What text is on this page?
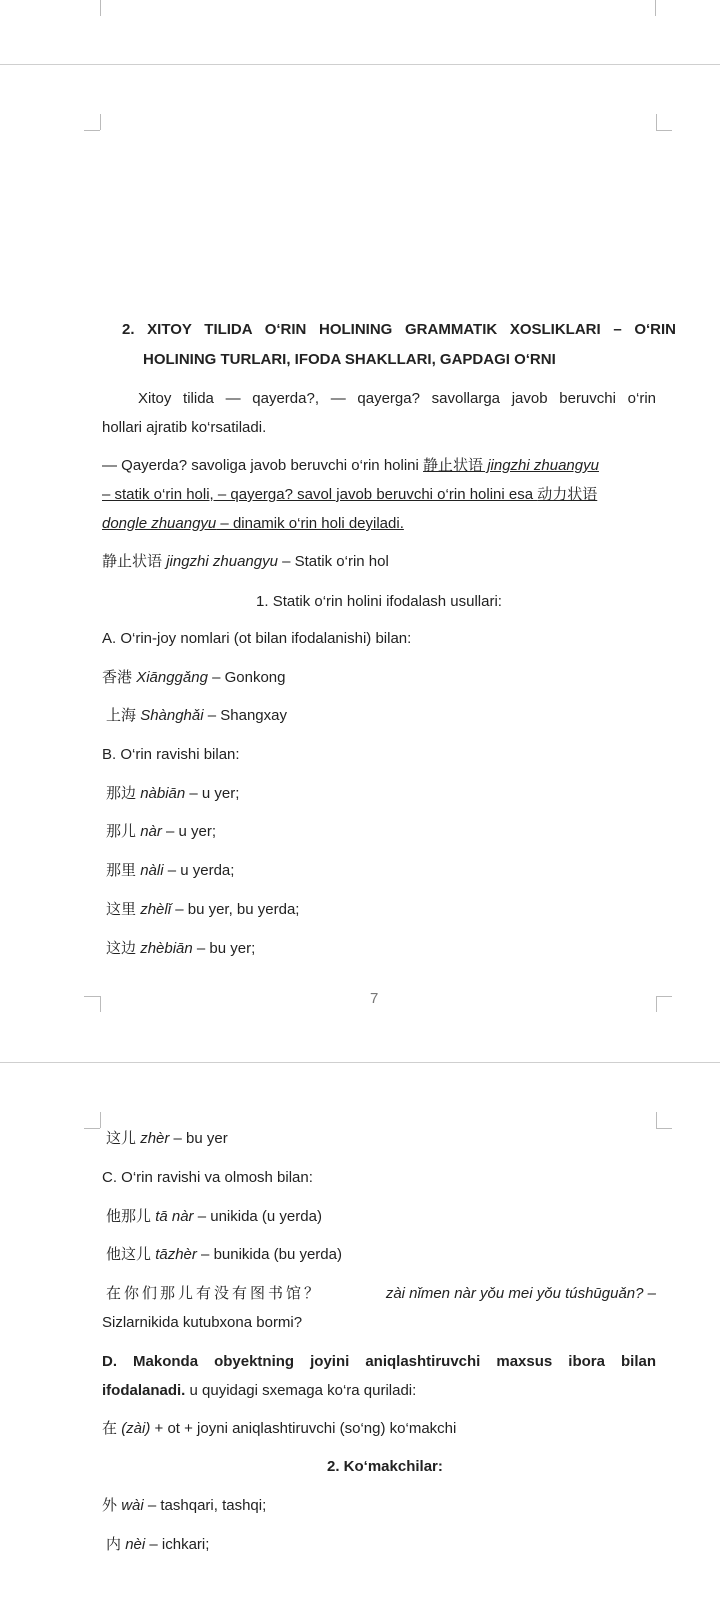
2. XITOY TILIDA O‘RIN HOLINING GRAMMATIK XOSLIKLARI – O‘RIN
HOLINING TURLARI, IFODA SHAKLLARI, GAPDAGI O‘RNI
Xitoy tilida — qayerda?, — qayerga? savollarga javob beruvchi o‘rin
hollari ajratib ko‘rsatiladi.
— Qayerda? savoliga javob beruvchi o‘rin holini 静止状语 jingzhi zhuangyu
– statik o‘rin holi, – qayerga? savol javob beruvchi o‘rin holini esa 动力状语
dongle zhuangyu – dinamik o‘rin holi deyiladi.
静止状语 jingzhi zhuangyu – Statik o‘rin hol
1. Statik o‘rin holini ifodalash usullari:
A. O‘rin-joy nomlari (ot bilan ifodalanishi) bilan:
香港 Xiānggǎng – Gonkong
上海 Shànghǎi – Shangxay
B. O‘rin ravishi bilan:
那边 nàbiān – u yer;
那儿 nàr – u yer;
那里 nàli – u yerda;
这里 zhèlǐ – bu yer, bu yerda;
这边 zhèbiān – bu yer;
7
这儿 zhèr – bu yer
C. O‘rin ravishi va olmosh bilan:
他那儿 tā nàr – unikida (u yerda)
他这儿 tāzhèr – bunikida (bu yerda)
在你们那儿有没有图书馆？	zài nǐmen nàr yǒu mei yǒu túshūguǎn? –
Sizlarnikida kutubxona bormi?
D. Makonda obyektning joyini aniqlashtiruvchi maxsus ibora bilan
ifodalanadi. u quyidagi sxemaga ko‘ra quriladi:
在 (zài) + ot + joyni aniqlashtiruvchi (so‘ng) ko‘makchi
2. Ko‘makchilar:
外 wài – tashqari, tashqi;
内 nèi – ichkari;
